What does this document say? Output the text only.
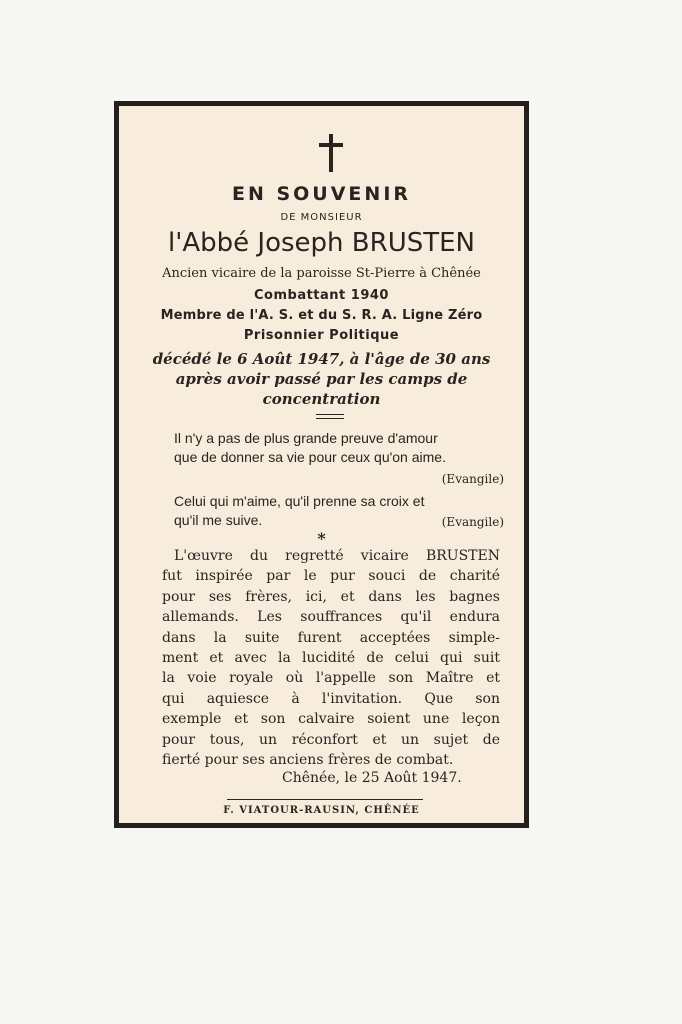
EN SOUVENIR
DE MONSIEUR
l'Abbé Joseph BRUSTEN
Ancien vicaire de la paroisse St-Pierre à Chênée
Combattant 1940
Membre de l'A. S. et du S. R. A. Ligne Zéro
Prisonnier Politique
décédé le 6 Août 1947, à l'âge de 30 ans
après avoir passé par les camps de
concentration
Il n'y a pas de plus grande preuve d'amour
que de donner sa vie pour ceux qu'on aime.
(Evangile)
Celui qui m'aime, qu'il prenne sa croix et
qu'il me suive.	(Evangile)
*
L'œuvre du regretté vicaire BRUSTEN
fut inspirée par le pur souci de charité
pour ses frères, ici, et dans les bagnes
allemands. Les souffrances qu'il endura
dans la suite furent acceptées simple-
ment et avec la lucidité de celui qui suit
la voie royale où l'appelle son Maître et
qui aquiesce à l'invitation. Que son
exemple et son calvaire soient une leçon
pour tous, un réconfort et un sujet de
fierté pour ses anciens frères de combat.
Chênée, le 25 Août 1947.
F. VIATOUR-RAUSIN, CHÊNÉE
